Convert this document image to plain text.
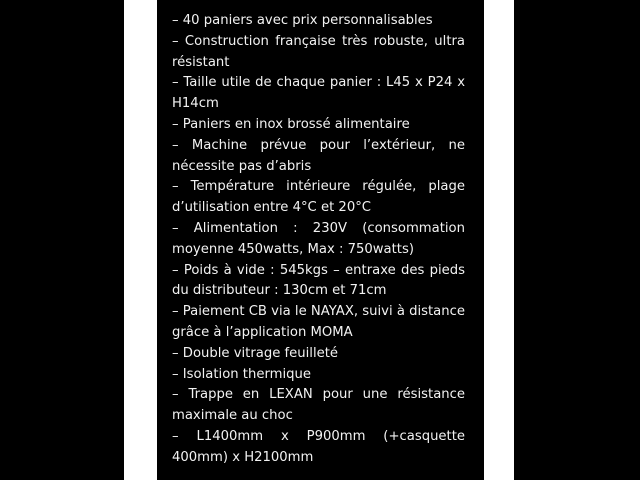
– 40 paniers avec prix personnalisables

– Construction française très robuste, ultra résistant

– Taille utile de chaque panier : L45 x P24 x H14cm

– Paniers en inox brossé alimentaire

– Machine prévue pour l’extérieur, ne nécessite pas d’abris

– Température intérieure régulée, plage d’utilisation entre 4°C et 20°C

– Alimentation : 230V (consommation moyenne 450watts, Max : 750watts)

– Poids à vide : 545kgs – entraxe des pieds du distributeur : 130cm et 71cm

– Paiement CB via le NAYAX, suivi à distance grâce à l’application MOMA

– Double vitrage feuilleté

– Isolation thermique

– Trappe en LEXAN pour une résistance maximale au choc

– L1400mm x P900mm (+casquette 400mm) x H2100mm
